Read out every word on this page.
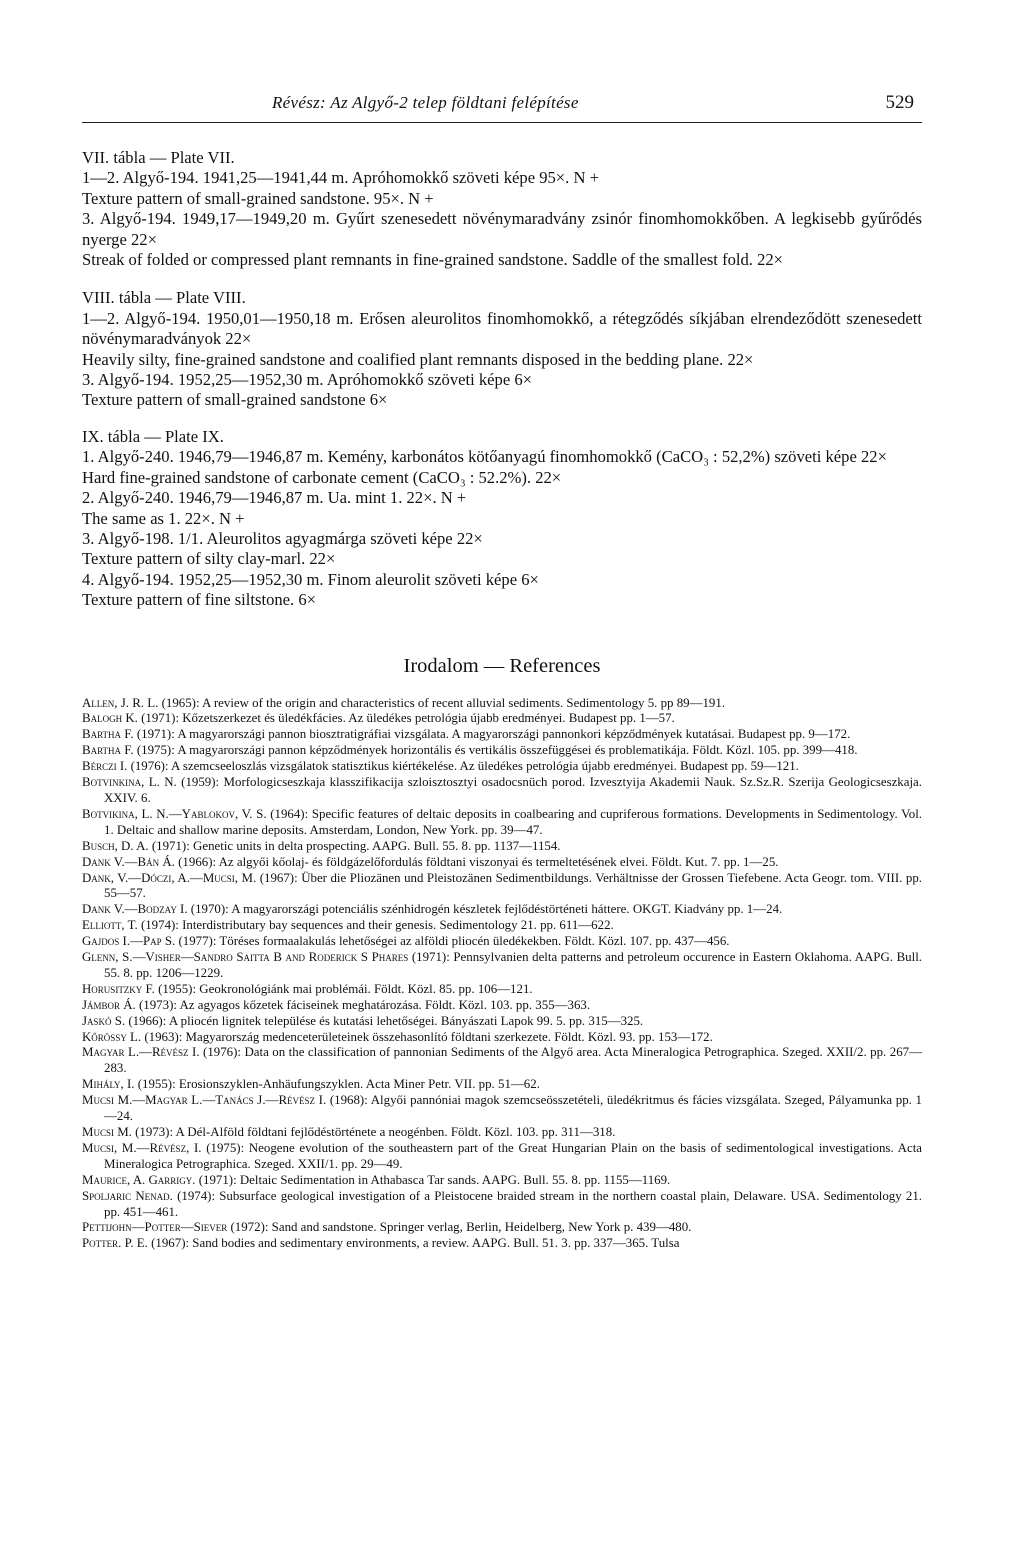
Révész: Az Algyő-2 telep földtani felépítése	529

VII. tábla — Plate VII.

1—2. Algyő-194. 1941,25—1941,44 m. Apróhomokkő szöveti képe 95×. N +

Texture pattern of small-grained sandstone. 95×. N +

3. Algyő-194. 1949,17—1949,20 m. Gyűrt szenesedett növénymaradvány zsinór finomhomokkőben. A legkisebb gyűrődés nyerge 22×

Streak of folded or compressed plant remnants in fine-grained sandstone. Saddle of the smallest fold. 22×

VIII. tábla — Plate VIII.

1—2. Algyő-194. 1950,01—1950,18 m. Erősen aleurolitos finomhomokkő, a rétegződés síkjában elrendeződött szenesedett növénymaradványok 22×

Heavily silty, fine-grained sandstone and coalified plant remnants disposed in the bedding plane. 22×

3. Algyő-194. 1952,25—1952,30 m. Apróhomokkő szöveti képe 6×

Texture pattern of small-grained sandstone 6×

IX. tábla — Plate IX.

1. Algyő-240. 1946,79—1946,87 m. Kemény, karbonátos kötőanyagú finomhomokkő (CaCO₃ : 52,2%) szöveti képe 22×

Hard fine-grained sandstone of carbonate cement (CaCO₃ : 52.2%). 22×

2. Algyő-240. 1946,79—1946,87 m. Ua. mint 1. 22×. N +

The same as 1. 22×. N +

3. Algyő-198. 1/1. Aleurolitos agyagmárga szöveti képe 22×

Texture pattern of silty clay-marl. 22×

4. Algyő-194. 1952,25—1952,30 m. Finom aleurolit szöveti képe 6×

Texture pattern of fine siltstone. 6×

Irodalom — References

Allen, J. R. L. (1965): A review of the origin and characteristics of recent alluvial sediments. Sedimentology 5. pp 89—191.

Balogh K. (1971): Kőzetszerkezet és üledékfácies. Az üledékes petrológia újabb eredményei. Budapest pp. 1—57.

Bartha F. (1971): A magyarországi pannon biosztratigráfiai vizsgálata. A magyarországi pannonkori képződmények kutatásai. Budapest pp. 9—172.

Bartha F. (1975): A magyarországi pannon képződmények horizontális és vertikális összefüggései és problematikája. Földt. Közl. 105. pp. 399—418.

Bérczi I. (1976): A szemcseeloszlás vizsgálatok statisztikus kiértékelése. Az üledékes petrológia újabb eredményei. Budapest pp. 59—121.

Botvinkina, L. N. (1959): Morfologicseszkaja klasszifikacija szloisztosztyi osadocsnüch porod. Izvesztyija Akademii Nauk. Sz.Sz.R. Szerija Geologicseszkaja. XXIV. 6.

Botvikina, L. N.—Yablokov, V. S. (1964): Specific features of deltaic deposits in coalbearing and cupriferous formations. Developments in Sedimentology. Vol. 1. Deltaic and shallow marine deposits. Amsterdam, London, New York. pp. 39—47.

Busch, D. A. (1971): Genetic units in delta prospecting. AAPG. Bull. 55. 8. pp. 1137—1154.

Dank V.—Bán Á. (1966): Az algyői kőolaj- és földgázelőfordulás földtani viszonyai és termeltetésének elvei. Földt. Kut. 7. pp. 1—25.

Dank, V.—Dóczi, A.—Mucsi, M. (1967): Über die Pliozänen und Pleistozänen Sedimentbildungs. Verhältnisse der Grossen Tiefebene. Acta Geogr. tom. VIII. pp. 55—57.

Dank V.—Bodzay I. (1970): A magyarországi potenciális szénhidrogén készletek fejlődéstörténeti háttere. OKGT. Kiadvány pp. 1—24.

Elliott, T. (1974): Interdistributary bay sequences and their genesis. Sedimentology 21. pp. 611—622.

Gajdos I.—Pap S. (1977): Töréses formaalakulás lehetőségei az alföldi pliocén üledékekben. Földt. Közl. 107. pp. 437—456.

Glenn, S.—Visher—Sandro Saitta B and Roderick S Phares (1971): Pennsylvanien delta patterns and petroleum occurence in Eastern Oklahoma. AAPG. Bull. 55. 8. pp. 1206—1229.

Horusitzky F. (1955): Geokronológiánk mai problémái. Földt. Közl. 85. pp. 106—121.

Jámbor Á. (1973): Az agyagos kőzetek fáciseinek meghatározása. Földt. Közl. 103. pp. 355—363.

Jaskó S. (1966): A pliocén lignitek települése és kutatási lehetőségei. Bányászati Lapok 99. 5. pp. 315—325.

Kőrössy L. (1963): Magyarország medenceterületeinek összehasonlító földtani szerkezete. Földt. Közl. 93. pp. 153—172.

Magyar L.—Révész I. (1976): Data on the classification of pannonian Sediments of the Algyő area. Acta Mineralogica Petrographica. Szeged. XXII/2. pp. 267—283.

Mihály, I. (1955): Erosionszyklen-Anhäufungszyklen. Acta Miner Petr. VII. pp. 51—62.

Mucsi M.—Magyar L.—Tanács J.—Révész I. (1968): Algyői pannóniai magok szemcseösszetételi, üledékritmus és fácies vizsgálata. Szeged, Pályamunka pp. 1—24.

Mucsi M. (1973): A Dél-Alföld földtani fejlődéstörténete a neogénben. Földt. Közl. 103. pp. 311—318.

Mucsi, M.—Révész, I. (1975): Neogene evolution of the southeastern part of the Great Hungarian Plain on the basis of sedimentological investigations. Acta Mineralogica Petrographica. Szeged. XXII/1. pp. 29—49.

Maurice, A. Garrigy. (1971): Deltaic Sedimentation in Athabasca Tar sands. AAPG. Bull. 55. 8. pp. 1155—1169.

Spoljaric Nenad. (1974): Subsurface geological investigation of a Pleistocene braided stream in the northern coastal plain, Delaware. USA. Sedimentology 21. pp. 451—461.

Pettijohn—Potter—Siever (1972): Sand and sandstone. Springer verlag, Berlin, Heidelberg, New York p. 439—480.

Potter. P. E. (1967): Sand bodies and sedimentary environments, a review. AAPG. Bull. 51. 3. pp. 337—365. Tulsa
